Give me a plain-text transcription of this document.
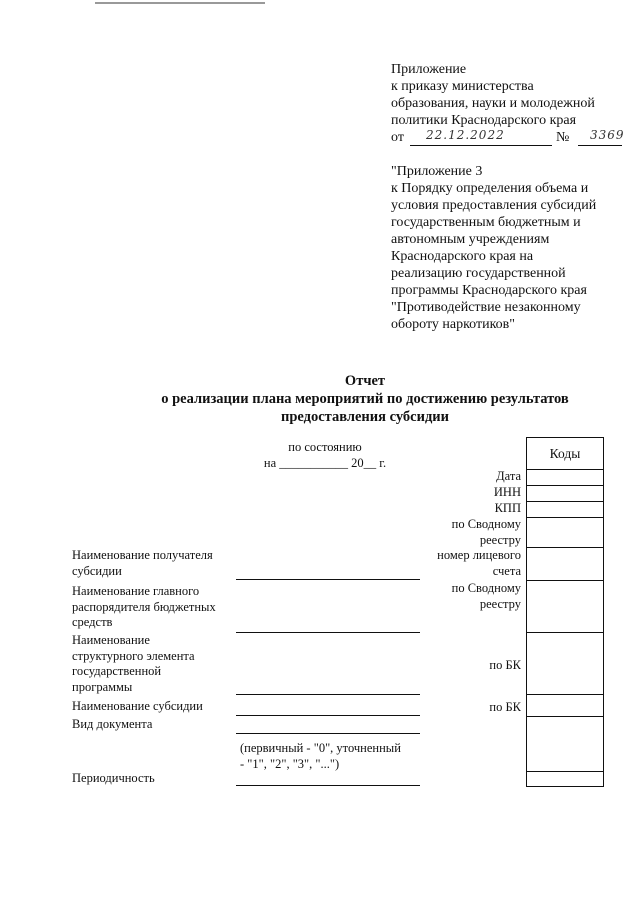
Приложение
к приказу министерства
образования, науки и молодежной
политики Краснодарского края
от 22.12.2022	№ 3369
"Приложение 3
к Порядку определения объема и
условия предоставления субсидий
государственным бюджетным и
автономным учреждениям
Краснодарского края на
реализацию государственной
программы Краснодарского края
"Противодействие незаконному
обороту наркотиков"
Отчет
о реализации плана мероприятий по достижению результатов
предоставления субсидии
по состоянию
на ___________ 20__ г.
Коды
Дата
ИНН
КПП
по Сводному
реестру
номер лицевого
счета
по Сводному
реестру
по БК
по БК
Наименование получателя
субсидии
Наименование главного
распорядителя бюджетных
средств
Наименование
структурного элемента
государственной
программы
Наименование субсидии
Вид документа
(первичный - "0", уточненный
- "1", "2", "3", "...")
Периодичность
